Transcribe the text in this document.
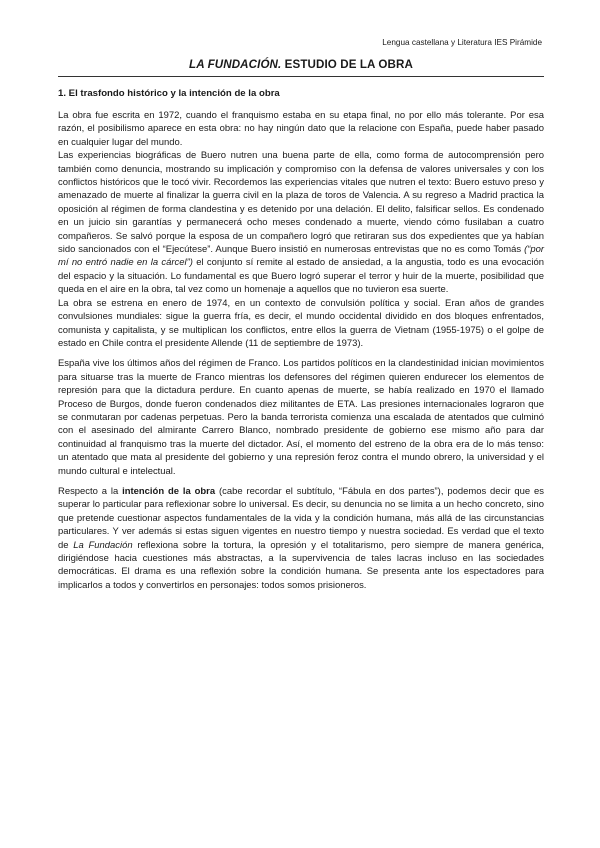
Lengua castellana y Literatura IES Pirámide
LA FUNDACIÓN. ESTUDIO DE LA OBRA
1. El trasfondo histórico y la intención de la obra

La obra fue escrita en 1972, cuando el franquismo estaba en su etapa final, no por ello más tolerante. Por esa razón, el posibilismo aparece en esta obra: no hay ningún dato que la relacione con España, puede haber pasado en cualquier lugar del mundo.

Las experiencias biográficas de Buero nutren una buena parte de ella, como forma de autocomprensión pero también como denuncia, mostrando su implicación y compromiso con la defensa de valores universales y con los conflictos históricos que le tocó vivir. Recordemos las experiencias vitales que nutren el texto: Buero estuvo preso y amenazado de muerte al finalizar la guerra civil en la plaza de toros de Valencia. A su regreso a Madrid practica la oposición al régimen de forma clandestina y es detenido por una delación. El delito, falsificar sellos. Es condenado en un juicio sin garantías y permanecerá ocho meses condenado a muerte, viendo cómo fusilaban a cuatro compañeros. Se salvó porque la esposa de un compañero logró que retiraran sus dos expedientes que ya habían sido sancionados con el “Ejecútese”. Aunque Buero insistió en numerosas entrevistas que no es como Tomás (“por mí no entró nadie en la cárcel”) el conjunto sí remite al estado de ansiedad, a la angustia, todo es una evocación del espacio y la situación. Lo fundamental es que Buero logró superar el terror y huir de la muerte, posibilidad que queda en el aire en la obra, tal vez como un homenaje a aquellos que no tuvieron esa suerte.

La obra se estrena en enero de 1974, en un contexto de convulsión política y social. Eran años de grandes convulsiones mundiales: sigue la guerra fría, es decir, el mundo occidental dividido en dos bloques enfrentados, comunista y capitalista, y se multiplican los conflictos, entre ellos la guerra de Vietnam (1955-1975) o el golpe de estado en Chile contra el presidente Allende (11 de septiembre de 1973).

España vive los últimos años del régimen de Franco. Los partidos políticos en la clandestinidad inician movimientos para situarse tras la muerte de Franco mientras los defensores del régimen quieren endurecer los elementos de represión para que la dictadura perdure. En cuanto apenas de muerte, se había realizado en 1970 el llamado Proceso de Burgos, donde fueron condenados diez militantes de ETA. Las presiones internacionales lograron que se conmutaran por cadenas perpetuas. Pero la banda terrorista comienza una escalada de atentados que culminó con el asesinado del almirante Carrero Blanco, nombrado presidente de gobierno ese mismo año para dar continuidad al franquismo tras la muerte del dictador. Así, el momento del estreno de la obra era de lo más tenso: un atentado que mata al presidente del gobierno y una represión feroz contra el mundo obrero, la universidad y el mundo cultural e intelectual.

Respecto a la intención de la obra (cabe recordar el subtítulo, “Fábula en dos partes”), podemos decir que es superar lo particular para reflexionar sobre lo universal. Es decir, su denuncia no se limita a un hecho concreto, sino que pretende cuestionar aspectos fundamentales de la vida y la condición humana, más allá de las circunstancias particulares. Y ver además si estas siguen vigentes en nuestro tiempo y nuestra sociedad. Es verdad que el texto de La Fundación reflexiona sobre la tortura, la opresión y el totalitarismo, pero siempre de manera genérica, dirigiéndose hacia cuestiones más abstractas, a la supervivencia de tales lacras incluso en las sociedades democráticas. El drama es una reflexión sobre la condición humana. Se presenta ante los espectadores para implicarlos a todos y convertirlos en personajes: todos somos prisioneros.
